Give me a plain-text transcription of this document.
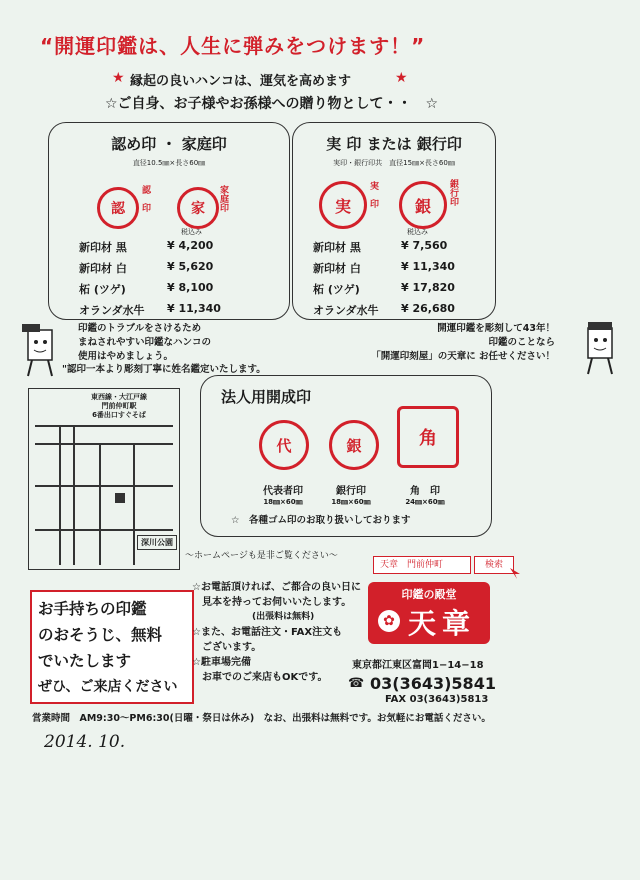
“開運印鑑は、人生に弾みをつけます！”
★ 縁起の良いハンコは、運気を高めます	★
☆ご自身、お子様やお孫様への贈り物として・・　☆
認め印 ・ 家庭印
直径10.5㎜×長さ60㎜
認	認　印	家	家庭印
税込み
新印材 黒	¥ 4,200
新印材 白	¥ 5,620
柘 (ツゲ)	¥ 8,100
オランダ水牛	¥ 11,340
実 印 または 銀行印
実印・銀行印共　直径15㎜×長さ60㎜
実	実　印	銀	銀行印
税込み
新印材 黒	¥ 7,560
新印材 白	¥ 11,340
柘 (ツゲ)	¥ 17,820
オランダ水牛	¥ 26,680
印鑑のトラブルをさけるため
まねされやすい印鑑なハンコの
使用はやめましょう。
"認印一本より彫刻丁寧に姓名鑑定いたします。
開運印鑑を彫刻して43年！
印鑑のことなら
「開運印刻屋」の天章に お任せください！
東西線・大江戸線
門前仲町駅
6番出口すぐそば
深川公園
法人用開成印
代	銀	角
代表者印
18㎜×60㎜
銀行印
18㎜×60㎜
角　印
24㎜×60㎜
☆　各種ゴム印のお取り扱いしております
〜ホームページも是非ご覧ください〜
天章　門前仲町	検索
お手持ちの印鑑
のおそうじ、無料
でいたします
ぜひ、ご来店ください
☆お電話頂ければ、ご都合の良い日に
見本を持ってお伺いいたします。
(出張料は無料)
☆また、お電話注文・FAX注文も
ございます。
☆駐車場完備
お車でのご来店もOKです。
印鑑の殿堂
✿ 天章
東京都江東区富岡1−14−18
☎ 03(3643)5841
FAX 03(3643)5813
営業時間　AM9:30〜PM6:30(日曜・祭日は休み)　なお、出張料は無料です。お気軽にお電話ください。
2014. 10.
